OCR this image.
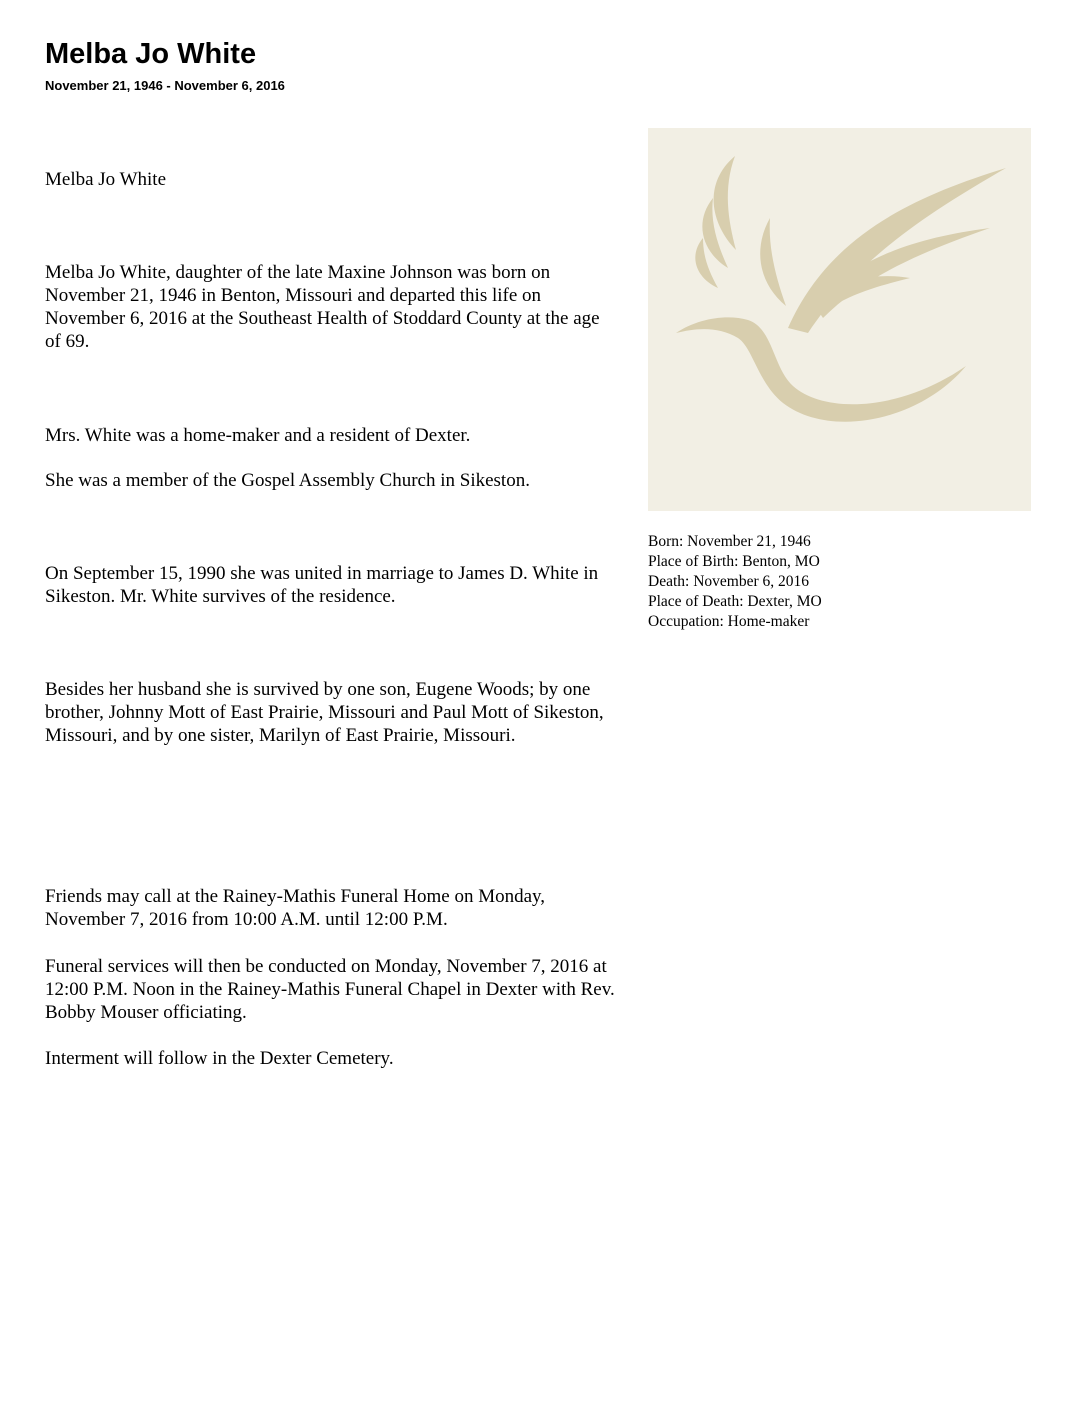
Melba Jo White
November 21, 1946 - November 6, 2016

Melba Jo White

Melba Jo White, daughter of the late Maxine Johnson was born on November 21, 1946 in Benton, Missouri and departed this life on November 6, 2016 at the Southeast Health of Stoddard County at the age of 69.

Mrs. White was a home-maker and a resident of Dexter.

She was a member of the Gospel Assembly Church in Sikeston.

On September 15, 1990 she was united in marriage to James D. White in Sikeston. Mr. White survives of the residence.

Besides her husband she is survived by one son, Eugene Woods; by one brother, Johnny Mott of East Prairie, Missouri and Paul Mott of Sikeston, Missouri, and by one sister, Marilyn of East Prairie, Missouri.

Friends may call at the Rainey-Mathis Funeral Home on Monday, November 7, 2016 from 10:00 A.M. until 12:00 P.M.

Funeral services will then be conducted on Monday, November 7, 2016 at 12:00 P.M. Noon in the Rainey-Mathis Funeral Chapel in Dexter with Rev. Bobby Mouser officiating.

Interment will follow in the Dexter Cemetery.

Born: November 21, 1946
Place of Birth: Benton, MO
Death: November 6, 2016
Place of Death: Dexter, MO
Occupation: Home-maker
